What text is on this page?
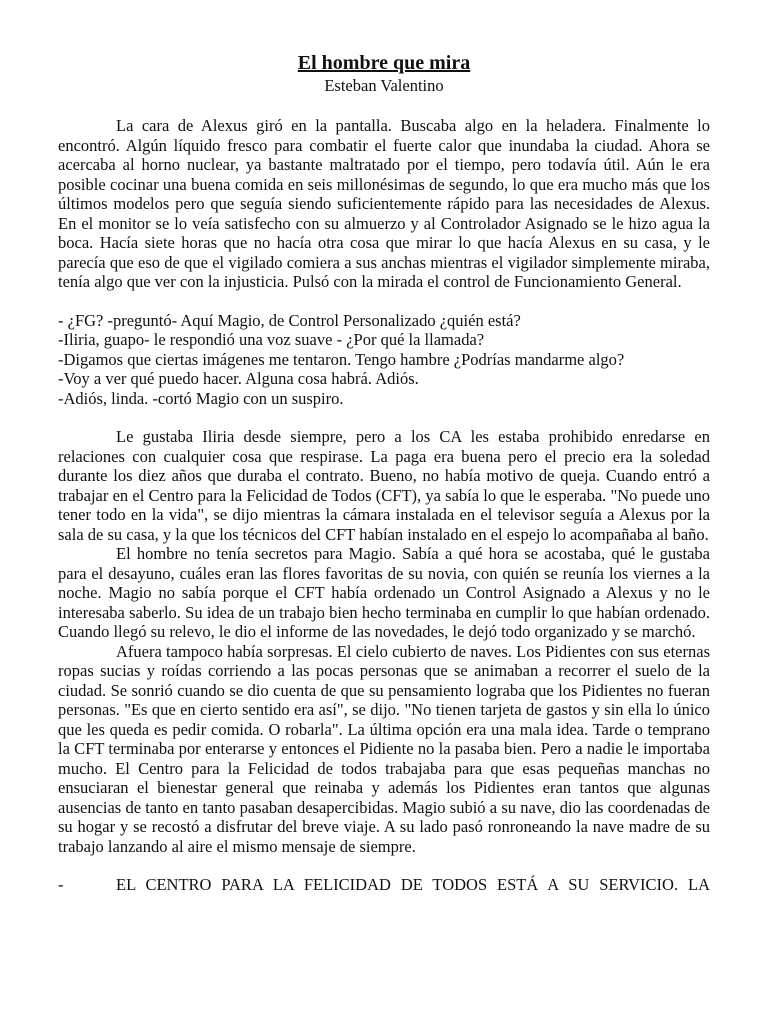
El hombre que mira
Esteban Valentino

La cara de Alexus giró en la pantalla. Buscaba algo en la heladera. Finalmente lo encontró. Algún líquido fresco para combatir el fuerte calor que inundaba la ciudad. Ahora se acercaba al horno nuclear, ya bastante maltratado por el tiempo, pero todavía útil. Aún le era posible cocinar una buena comida en seis millonésimas de segundo, lo que era mucho más que los últimos modelos pero que seguía siendo suficientemente rápido para las necesidades de Alexus. En el monitor se lo veía satisfecho con su almuerzo y al Controlador Asignado se le hizo agua la boca. Hacía siete horas que no hacía otra cosa que mirar lo que hacía Alexus en su casa, y le parecía que eso de que el vigilado comiera a sus anchas mientras el vigilador simplemente miraba, tenía algo que ver con la injusticia. Pulsó con la mirada el control de Funcionamiento General.

- ¿FG? -preguntó- Aquí Magio, de Control Personalizado ¿quién está?
-Iliria, guapo- le respondió una voz suave - ¿Por qué la llamada?
-Digamos que ciertas imágenes me tentaron. Tengo hambre ¿Podrías mandarme algo?
-Voy a ver qué puedo hacer. Alguna cosa habrá. Adiós.
-Adiós, linda. -cortó Magio con un suspiro.

Le gustaba Iliria desde siempre, pero a los CA les estaba prohibido enredarse en relaciones con cualquier cosa que respirase. La paga era buena pero el precio era la soledad durante los diez años que duraba el contrato. Bueno, no había motivo de queja. Cuando entró a trabajar en el Centro para la Felicidad de Todos (CFT), ya sabía lo que le esperaba. "No puede uno tener todo en la vida", se dijo mientras la cámara instalada en el televisor seguía a Alexus por la sala de su casa, y la que los técnicos del CFT habían instalado en el espejo lo acompañaba al baño.

El hombre no tenía secretos para Magio. Sabía a qué hora se acostaba, qué le gustaba para el desayuno, cuáles eran las flores favoritas de su novia, con quién se reunía los viernes a la noche. Magio no sabía porque el CFT había ordenado un Control Asignado a Alexus y no le interesaba saberlo. Su idea de un trabajo bien hecho terminaba en cumplir lo que habían ordenado. Cuando llegó su relevo, le dio el informe de las novedades, le dejó todo organizado y se marchó.

Afuera tampoco había sorpresas. El cielo cubierto de naves. Los Pidientes con sus eternas ropas sucias y roídas corriendo a las pocas personas que se animaban a recorrer el suelo de la ciudad. Se sonrió cuando se dio cuenta de que su pensamiento lograba que los Pidientes no fueran personas. "Es que en cierto sentido era así", se dijo. "No tienen tarjeta de gastos y sin ella lo único que les queda es pedir comida. O robarla". La última opción era una mala idea. Tarde o temprano la CFT terminaba por enterarse y entonces el Pidiente no la pasaba bien. Pero a nadie le importaba mucho. El Centro para la Felicidad de todos trabajaba para que esas pequeñas manchas no ensuciaran el bienestar general que reinaba y además los Pidientes eran tantos que algunas ausencias de tanto en tanto pasaban desapercibidas. Magio subió a su nave, dio las coordenadas de su hogar y se recostó a disfrutar del breve viaje. A su lado pasó ronroneando la nave madre de su trabajo lanzando al aire el mismo mensaje de siempre.

-	EL CENTRO PARA LA FELICIDAD DE TODOS ESTÁ A SU SERVICIO. LA
